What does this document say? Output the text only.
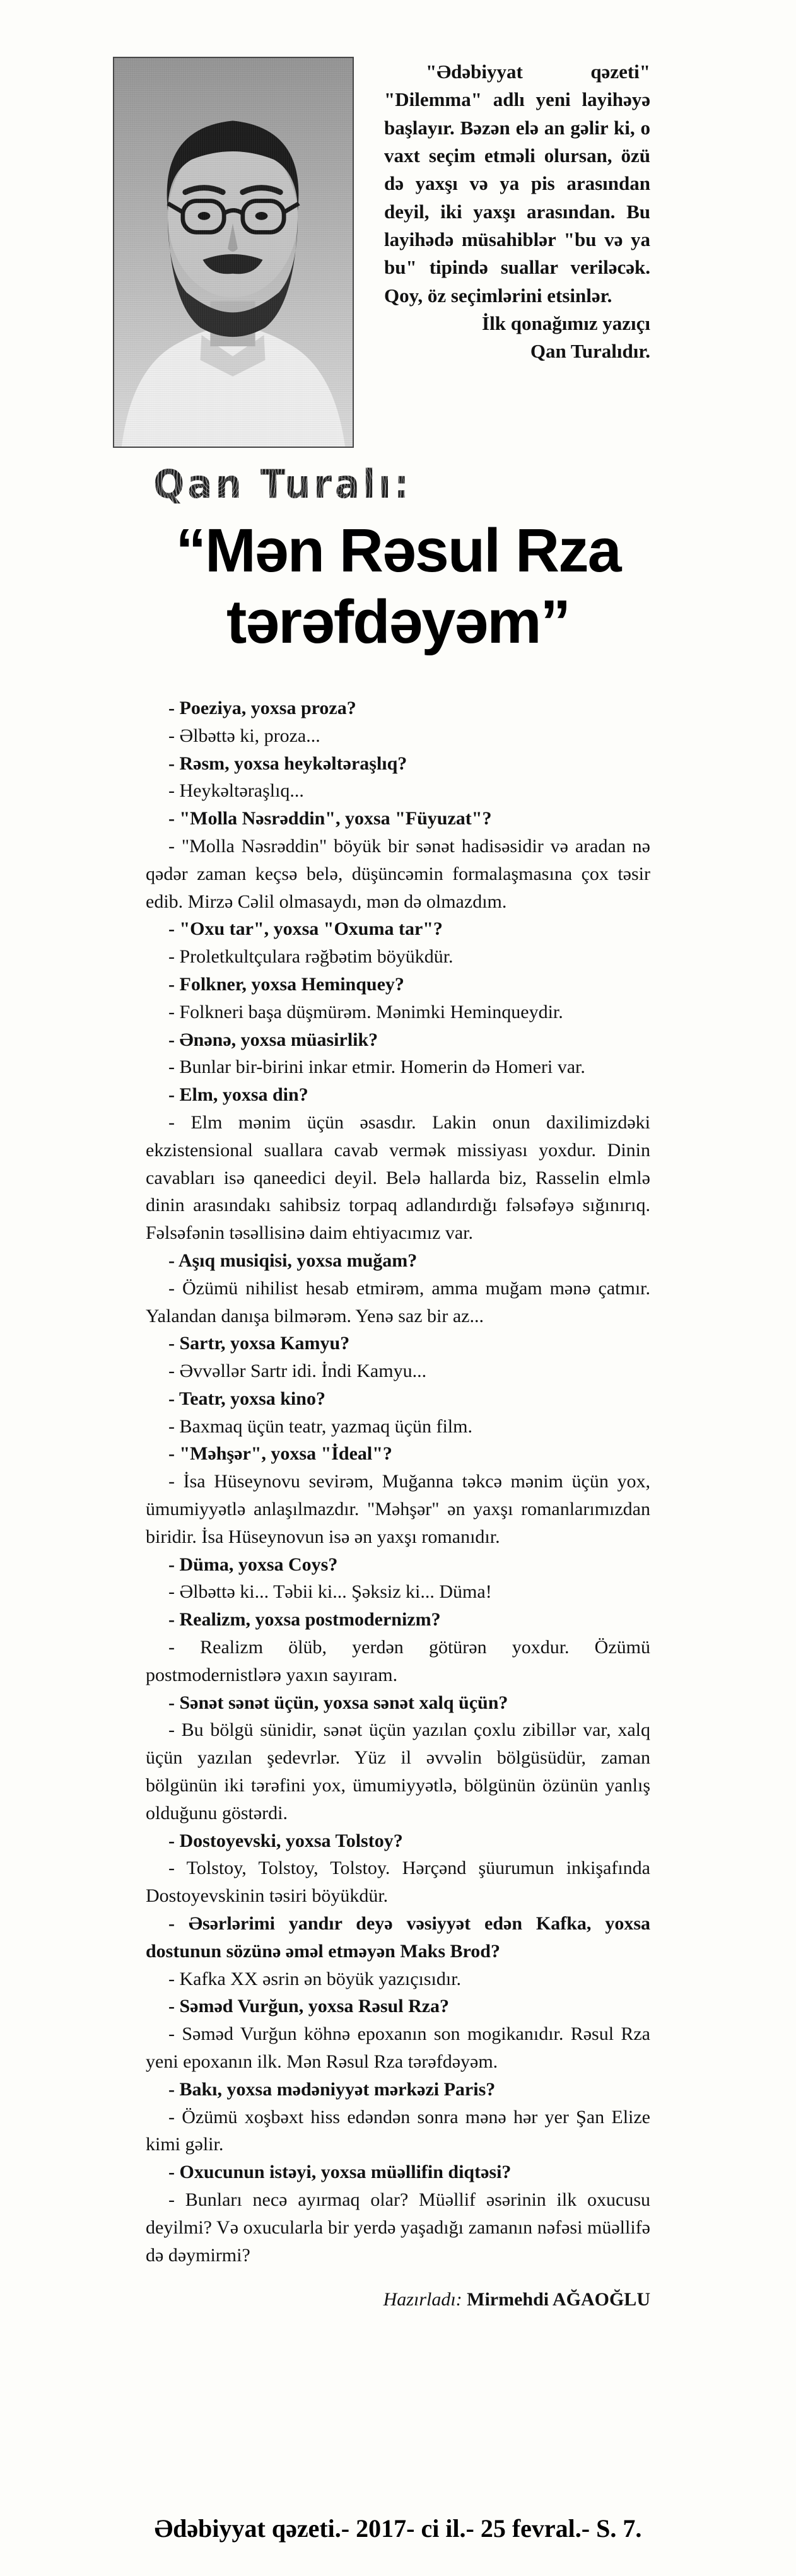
"Ədəbiyyat qəzeti" "Dilemma" adlı yeni layihəyə başlayır. Bəzən elə an gəlir ki, o vaxt seçim etməli olursan, özü də yaxşı və ya pis arasından deyil, iki yaxşı arasından. Bu layihədə müsahiblər "bu və ya bu" tipində suallar veriləcək. Qoy, öz seçimlərini etsinlər.
İlk qonağımız yazıçı
Qan Turalıdır.
Qan Turalı:
“Mən Rəsul Rza
tərəfdəyəm”

- Poeziya, yoxsa proza?

- Əlbəttə ki, proza...

- Rəsm, yoxsa heykəltəraşlıq?

- Heykəltəraşlıq...

- "Molla Nəsrəddin", yoxsa "Füyuzat"?

- "Molla Nəsrəddin" böyük bir sənət hadisəsidir və aradan nə qədər zaman keçsə belə, düşüncəmin formalaşmasına çox təsir edib. Mirzə Cəlil olmasaydı, mən də olmazdım.

- "Oxu tar", yoxsa "Oxuma tar"?

- Proletkultçulara rəğbətim böyükdür.

- Folkner, yoxsa Heminquey?

- Folkneri başa düşmürəm. Mənimki Heminqueydir.

- Ənənə, yoxsa müasirlik?

- Bunlar bir-birini inkar etmir. Homerin də Homeri var.

- Elm, yoxsa din?

- Elm mənim üçün əsasdır. Lakin onun daxilimizdəki ekzistensional suallara cavab vermək missiyası yoxdur. Dinin cavabları isə qaneedici deyil. Belə hallarda biz, Rasselin elmlə dinin arasındakı sahibsiz torpaq adlandırdığı fəlsəfəyə sığınırıq. Fəlsəfənin təsəllisinə daim ehtiyacımız var.

- Aşıq musiqisi, yoxsa muğam?

- Özümü nihilist hesab etmirəm, amma muğam mənə çatmır. Yalandan danışa bilmərəm. Yenə saz bir az...

- Sartr, yoxsa Kamyu?

- Əvvəllər Sartr idi. İndi Kamyu...

- Teatr, yoxsa kino?

- Baxmaq üçün teatr, yazmaq üçün film.

- "Məhşər", yoxsa "İdeal"?

- İsa Hüseynovu sevirəm, Muğanna təkcə mənim üçün yox, ümumiyyətlə anlaşılmazdır. "Məhşər" ən yaxşı romanlarımızdan biridir. İsa Hüseynovun isə ən yaxşı romanıdır.

- Düma, yoxsa Coys?

- Əlbəttə ki... Təbii ki... Şəksiz ki... Düma!

- Realizm, yoxsa postmodernizm?

- Realizm ölüb, yerdən götürən yoxdur. Özümü postmodernistlərə yaxın sayıram.

- Sənət sənət üçün, yoxsa sənət xalq üçün?

- Bu bölgü sünidir, sənət üçün yazılan çoxlu zibillər var, xalq üçün yazılan şedevrlər. Yüz il əvvəlin bölgüsüdür, zaman bölgünün iki tərəfini yox, ümumiyyətlə, bölgünün özünün yanlış olduğunu göstərdi.

- Dostoyevski, yoxsa Tolstoy?

- Tolstoy, Tolstoy, Tolstoy. Hərçənd şüurumun inkişafında Dostoyevskinin təsiri böyükdür.

- Əsərlərimi yandır deyə vəsiyyət edən Kafka, yoxsa dostunun sözünə əməl etməyən Maks Brod?

- Kafka XX əsrin ən böyük yazıçısıdır.

- Səməd Vurğun, yoxsa Rəsul Rza?

- Səməd Vurğun köhnə epoxanın son mogikanıdır. Rəsul Rza yeni epoxanın ilk. Mən Rəsul Rza tərəfdəyəm.

- Bakı, yoxsa mədəniyyət mərkəzi Paris?

- Özümü xoşbəxt hiss edəndən sonra mənə hər yer Şan Elize kimi gəlir.

- Oxucunun istəyi, yoxsa müəllifin diqtəsi?

- Bunları necə ayırmaq olar? Müəllif əsərinin ilk oxucusu deyilmi? Və oxucularla bir yerdə yaşadığı zamanın nəfəsi müəllifə də dəymirmi?

Hazırladı: Mirmehdi AĞAOĞLU
Ədəbiyyat qəzeti.- 2017- ci il.- 25 fevral.- S. 7.
